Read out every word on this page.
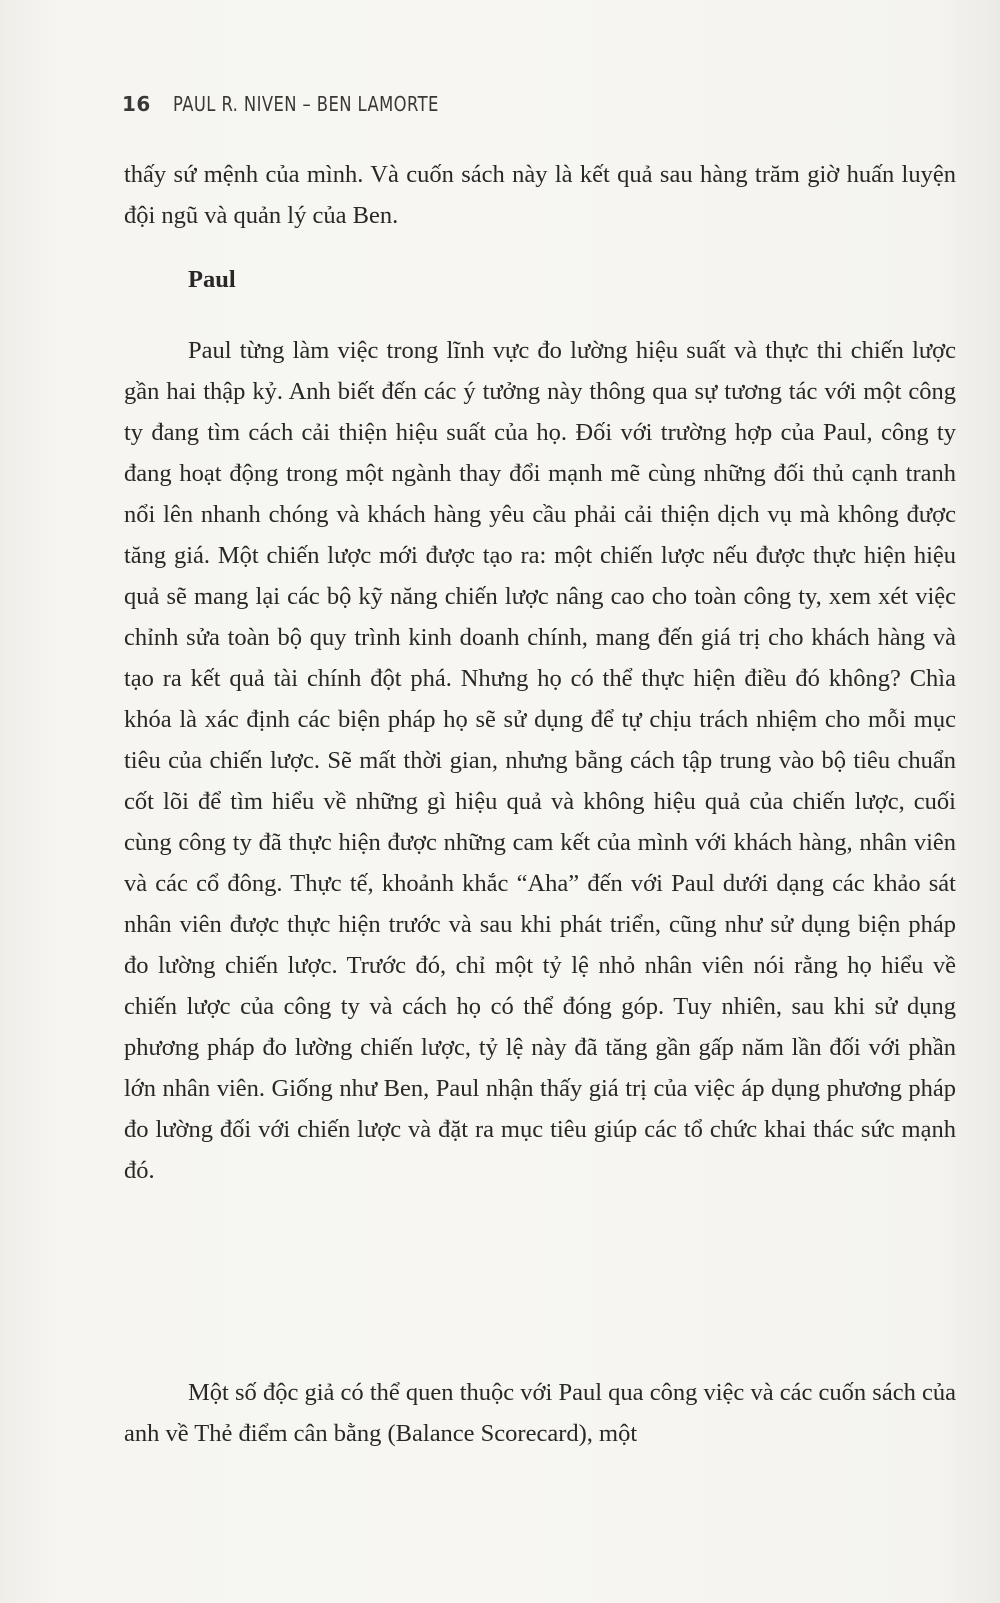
16 PAUL R. NIVEN – BEN LAMORTE

thấy sứ mệnh của mình. Và cuốn sách này là kết quả sau hàng trăm giờ huấn luyện đội ngũ và quản lý của Ben.

Paul

Paul từng làm việc trong lĩnh vực đo lường hiệu suất và thực thi chiến lược gần hai thập kỷ. Anh biết đến các ý tưởng này thông qua sự tương tác với một công ty đang tìm cách cải thiện hiệu suất của họ. Đối với trường hợp của Paul, công ty đang hoạt động trong một ngành thay đổi mạnh mẽ cùng những đối thủ cạnh tranh nổi lên nhanh chóng và khách hàng yêu cầu phải cải thiện dịch vụ mà không được tăng giá. Một chiến lược mới được tạo ra: một chiến lược nếu được thực hiện hiệu quả sẽ mang lại các bộ kỹ năng chiến lược nâng cao cho toàn công ty, xem xét việc chỉnh sửa toàn bộ quy trình kinh doanh chính, mang đến giá trị cho khách hàng và tạo ra kết quả tài chính đột phá. Nhưng họ có thể thực hiện điều đó không? Chìa khóa là xác định các biện pháp họ sẽ sử dụng để tự chịu trách nhiệm cho mỗi mục tiêu của chiến lược. Sẽ mất thời gian, nhưng bằng cách tập trung vào bộ tiêu chuẩn cốt lõi để tìm hiểu về những gì hiệu quả và không hiệu quả của chiến lược, cuối cùng công ty đã thực hiện được những cam kết của mình với khách hàng, nhân viên và các cổ đông. Thực tế, khoảnh khắc “Aha” đến với Paul dưới dạng các khảo sát nhân viên được thực hiện trước và sau khi phát triển, cũng như sử dụng biện pháp đo lường chiến lược. Trước đó, chỉ một tỷ lệ nhỏ nhân viên nói rằng họ hiểu về chiến lược của công ty và cách họ có thể đóng góp. Tuy nhiên, sau khi sử dụng phương pháp đo lường chiến lược, tỷ lệ này đã tăng gần gấp năm lần đối với phần lớn nhân viên. Giống như Ben, Paul nhận thấy giá trị của việc áp dụng phương pháp đo lường đối với chiến lược và đặt ra mục tiêu giúp các tổ chức khai thác sức mạnh đó.

Một số độc giả có thể quen thuộc với Paul qua công việc và các cuốn sách của anh về Thẻ điểm cân bằng (Balance Scorecard), một
